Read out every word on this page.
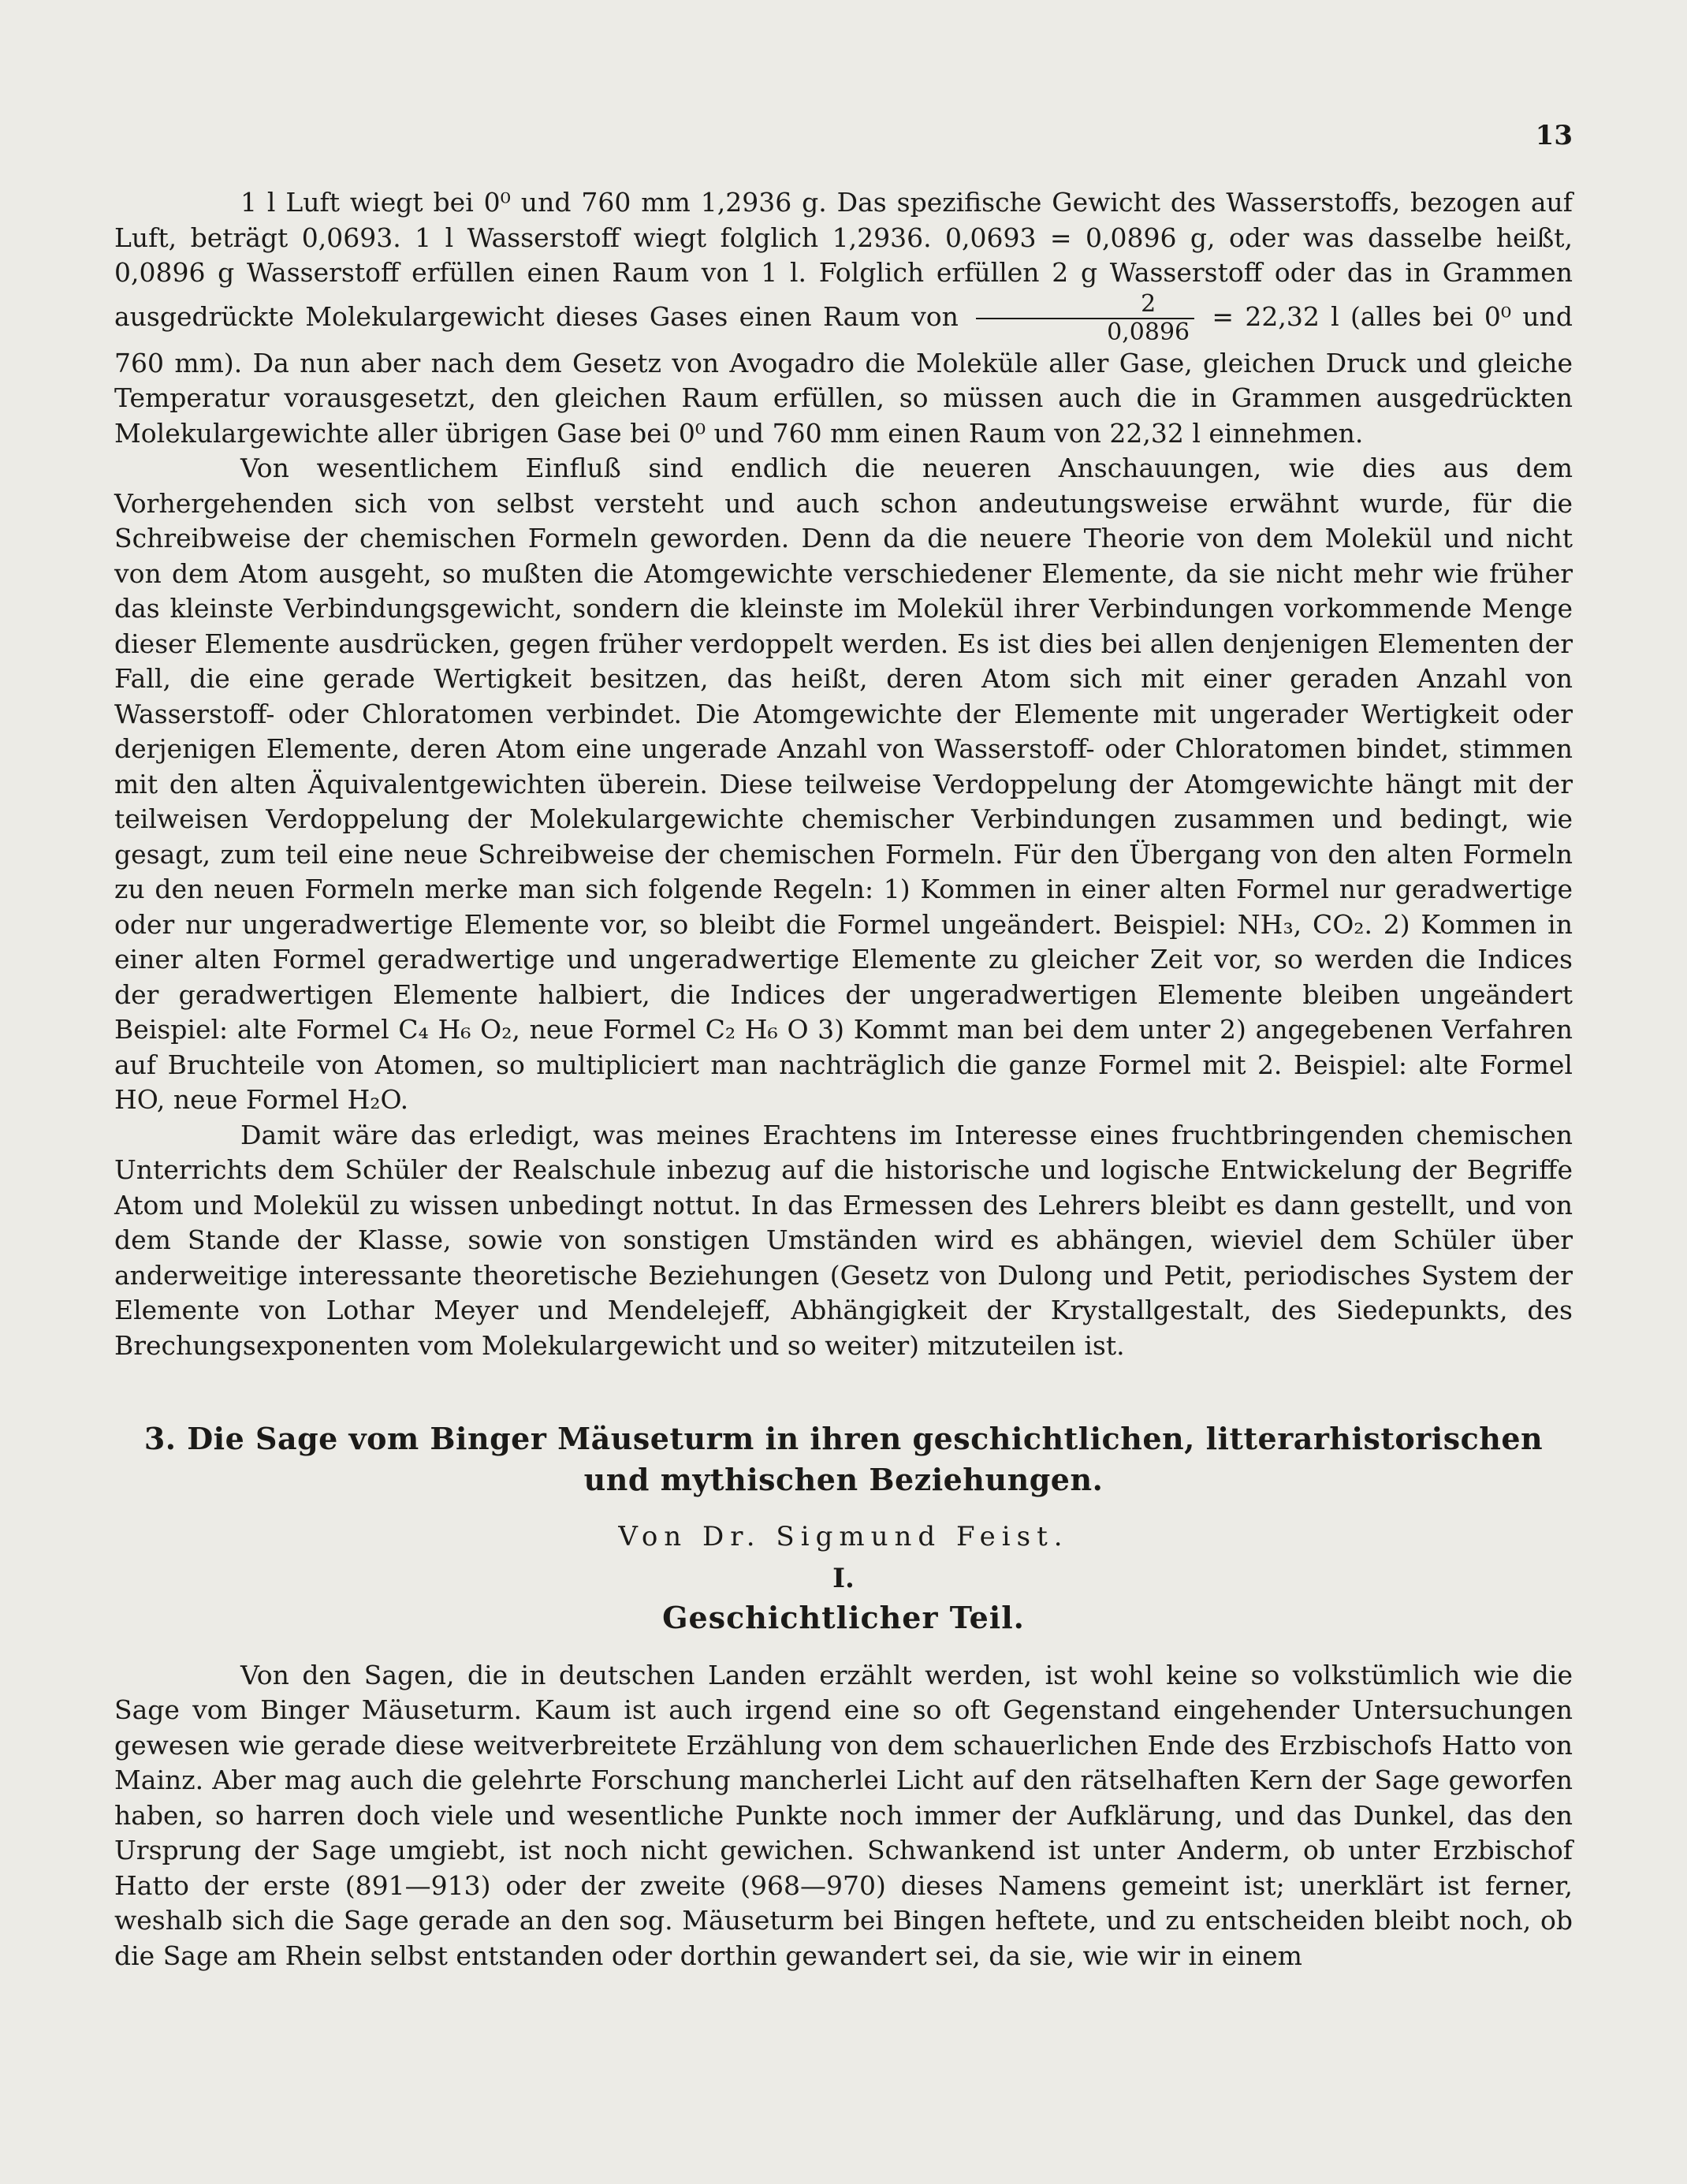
13

1 l Luft wiegt bei 0⁰ und 760 mm 1,2936 g. Das spezifische Gewicht des Wasserstoffs, bezogen auf Luft, beträgt 0,0693. 1 l Wasserstoff wiegt folglich 1,2936. 0,0693 = 0,0896 g, oder was dasselbe heißt, 0,0896 g Wasserstoff erfüllen einen Raum von 1 l. Folglich erfüllen 2 g Wasserstoff oder das in Grammen ausgedrückte Molekulargewicht dieses Gases einen Raum von $\frac{2}{0,0896} = 22,32$ l (alles bei 0⁰ und 760 mm). Da nun aber nach dem Gesetz von Avogadro die Moleküle aller Gase, gleichen Druck und gleiche Temperatur vorausgesetzt, den gleichen Raum erfüllen, so müssen auch die in Grammen ausgedrückten Molekulargewichte aller übrigen Gase bei 0⁰ und 760 mm einen Raum von 22,32 l einnehmen.

Von wesentlichem Einfluß sind endlich die neueren Anschauungen, wie dies aus dem Vorhergehenden sich von selbst versteht und auch schon andeutungsweise erwähnt wurde, für die Schreibweise der chemischen Formeln geworden. Denn da die neuere Theorie von dem Molekül und nicht von dem Atom ausgeht, so mußten die Atomgewichte verschiedener Elemente, da sie nicht mehr wie früher das kleinste Verbindungsgewicht, sondern die kleinste im Molekül ihrer Verbindungen vorkommende Menge dieser Elemente ausdrücken, gegen früher verdoppelt werden. Es ist dies bei allen denjenigen Elementen der Fall, die eine gerade Wertigkeit besitzen, das heißt, deren Atom sich mit einer geraden Anzahl von Wasserstoff- oder Chloratomen verbindet. Die Atomgewichte der Elemente mit ungerader Wertigkeit oder derjenigen Elemente, deren Atom eine ungerade Anzahl von Wasserstoff- oder Chloratomen bindet, stimmen mit den alten Äquivalentgewichten überein. Diese teilweise Verdoppelung der Atomgewichte hängt mit der teilweisen Verdoppelung der Molekulargewichte chemischer Verbindungen zusammen und bedingt, wie gesagt, zum teil eine neue Schreibweise der chemischen Formeln. Für den Übergang von den alten Formeln zu den neuen Formeln merke man sich folgende Regeln: 1) Kommen in einer alten Formel nur geradwertige oder nur ungeradwertige Elemente vor, so bleibt die Formel ungeändert. Beispiel: NH₃, CO₂. 2) Kommen in einer alten Formel geradwertige und ungeradwertige Elemente zu gleicher Zeit vor, so werden die Indices der geradwertigen Elemente halbiert, die Indices der ungeradwertigen Elemente bleiben ungeändert Beispiel: alte Formel C₄ H₆ O₂, neue Formel C₂ H₆ O 3) Kommt man bei dem unter 2) angegebenen Verfahren auf Bruchteile von Atomen, so multipliciert man nachträglich die ganze Formel mit 2. Beispiel: alte Formel HO, neue Formel H₂O.

Damit wäre das erledigt, was meines Erachtens im Interesse eines fruchtbringenden chemischen Unterrichts dem Schüler der Realschule inbezug auf die historische und logische Entwickelung der Begriffe Atom und Molekül zu wissen unbedingt nottut. In das Ermessen des Lehrers bleibt es dann gestellt, und von dem Stande der Klasse, sowie von sonstigen Umständen wird es abhängen, wieviel dem Schüler über anderweitige interessante theoretische Beziehungen (Gesetz von Dulong und Petit, periodisches System der Elemente von Lothar Meyer und Mendelejeff, Abhängigkeit der Krystallgestalt, des Siedepunkts, des Brechungsexponenten vom Molekulargewicht und so weiter) mitzuteilen ist.

3. Die Sage vom Binger Mäuseturm in ihren geschichtlichen, litterarhistorischen und mythischen Beziehungen.
Von Dr. Sigmund Feist.
I.
Geschichtlicher Teil.

Von den Sagen, die in deutschen Landen erzählt werden, ist wohl keine so volkstümlich wie die Sage vom Binger Mäuseturm. Kaum ist auch irgend eine so oft Gegenstand eingehender Untersuchungen gewesen wie gerade diese weitverbreitete Erzählung von dem schauerlichen Ende des Erzbischofs Hatto von Mainz. Aber mag auch die gelehrte Forschung mancherlei Licht auf den rätselhaften Kern der Sage geworfen haben, so harren doch viele und wesentliche Punkte noch immer der Aufklärung, und das Dunkel, das den Ursprung der Sage umgiebt, ist noch nicht gewichen. Schwankend ist unter Anderm, ob unter Erzbischof Hatto der erste (891—913) oder der zweite (968—970) dieses Namens gemeint ist; unerklärt ist ferner, weshalb sich die Sage gerade an den sog. Mäuseturm bei Bingen heftete, und zu entscheiden bleibt noch, ob die Sage am Rhein selbst entstanden oder dorthin gewandert sei, da sie, wie wir in einem
